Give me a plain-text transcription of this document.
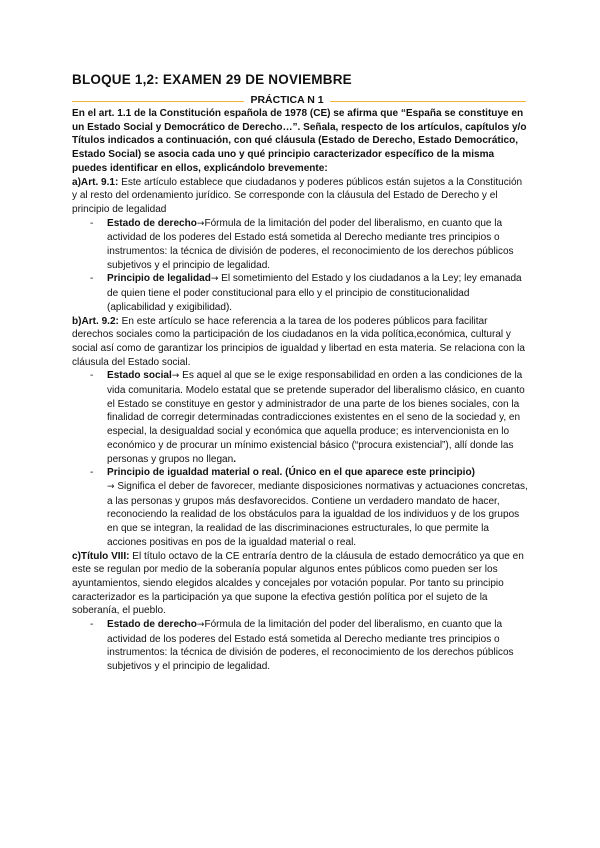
BLOQUE 1,2: EXAMEN 29 DE NOVIEMBRE
PRÁCTICA N 1

En el art. 1.1 de la Constitución española de 1978 (CE) se afirma que “España se constituye en un Estado Social y Democrático de Derecho…”. Señala, respecto de los artículos, capítulos y/o Títulos indicados a continuación, con qué cláusula (Estado de Derecho, Estado Democrático, Estado Social) se asocia cada uno y qué principio caracterizador específico de la misma puedes identificar en ellos, explicándolo brevemente:

a)Art. 9.1: Este artículo establece que ciudadanos y poderes públicos están sujetos a la Constitución y al resto del ordenamiento jurídico. Se corresponde con la cláusula del Estado de Derecho y el principio de legalidad

- Estado de derecho→Fórmula de la limitación del poder del liberalismo, en cuanto que la actividad de los poderes del Estado está sometida al Derecho mediante tres principios o instrumentos: la técnica de división de poderes, el reconocimiento de los derechos públicos subjetivos y el principio de legalidad.
- Principio de legalidad→ El sometimiento del Estado y los ciudadanos a la Ley; ley emanada de quien tiene el poder constitucional para ello y el principio de constitucionalidad (aplicabilidad y exigibilidad).

b)Art. 9.2: En este artículo se hace referencia a la tarea de los poderes públicos para facilitar derechos sociales como la participación de los ciudadanos en la vida política,económica, cultural y social así como de garantizar los principios de igualdad y libertad en esta materia. Se relaciona con la cláusula del Estado social.

- Estado social→ Es aquel al que se le exige responsabilidad en orden a las condiciones de la vida comunitaria. Modelo estatal que se pretende superador del liberalismo clásico, en cuanto el Estado se constituye en gestor y administrador de una parte de los bienes sociales, con la finalidad de corregir determinadas contradicciones existentes en el seno de la sociedad y, en especial, la desigualdad social y económica que aquella produce; es intervencionista en lo económico y de procurar un mínimo existencial básico (“procura existencial”), allí donde las personas y grupos no llegan.
- Principio de igualdad material o real. (Único en el que aparece este principio)
→ Significa el deber de favorecer, mediante disposiciones normativas y actuaciones concretas, a las personas y grupos más desfavorecidos. Contiene un verdadero mandato de hacer, reconociendo la realidad de los obstáculos para la igualdad de los individuos y de los grupos en que se integran, la realidad de las discriminaciones estructurales, lo que permite la acciones positivas en pos de la igualdad material o real.

c)Título VIII: El título octavo de la CE entraría dentro de la cláusula de estado democrático ya que en este se regulan por medio de la soberanía popular algunos entes públicos como pueden ser los ayuntamientos, siendo elegidos alcaldes y concejales por votación popular. Por tanto su principio caracterizador es la participación ya que supone la efectiva gestión política por el sujeto de la soberanía, el pueblo.

- Estado de derecho→Fórmula de la limitación del poder del liberalismo, en cuanto que la actividad de los poderes del Estado está sometida al Derecho mediante tres principios o instrumentos: la técnica de división de poderes, el reconocimiento de los derechos públicos subjetivos y el principio de legalidad.
